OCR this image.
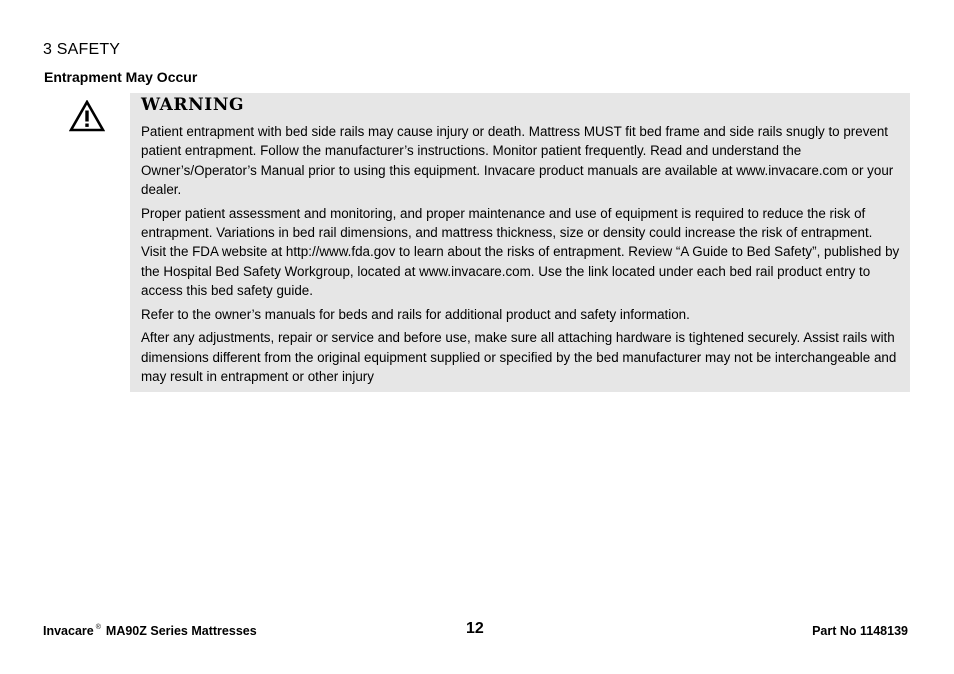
3 SAFETY
Entrapment May Occur
WARNING

Patient entrapment with bed side rails may cause injury or death. Mattress MUST fit bed frame and side rails snugly to prevent patient entrapment. Follow the manufacturer’s instructions. Monitor patient frequently. Read and understand the Owner’s/Operator’s Manual prior to using this equipment. Invacare product manuals are available at www.invacare.com or your dealer.

Proper patient assessment and monitoring, and proper maintenance and use of equipment is required to reduce the risk of entrapment. Variations in bed rail dimensions, and mattress thickness, size or density could increase the risk of entrapment. Visit the FDA website at http://www.fda.gov to learn about the risks of entrapment. Review “A Guide to Bed Safety”, published by the Hospital Bed Safety Workgroup, located at www.invacare.com. Use the link located under each bed rail product entry to access this bed safety guide.

Refer to the owner’s manuals for beds and rails for additional product and safety information.

After any adjustments, repair or service and before use, make sure all attaching hardware is tightened securely. Assist rails with dimensions different from the original equipment supplied or specified by the bed manufacturer may not be interchangeable and may result in entrapment or other injury

Invacare ® MA90Z Series Mattresses	12	Part No 1148139
